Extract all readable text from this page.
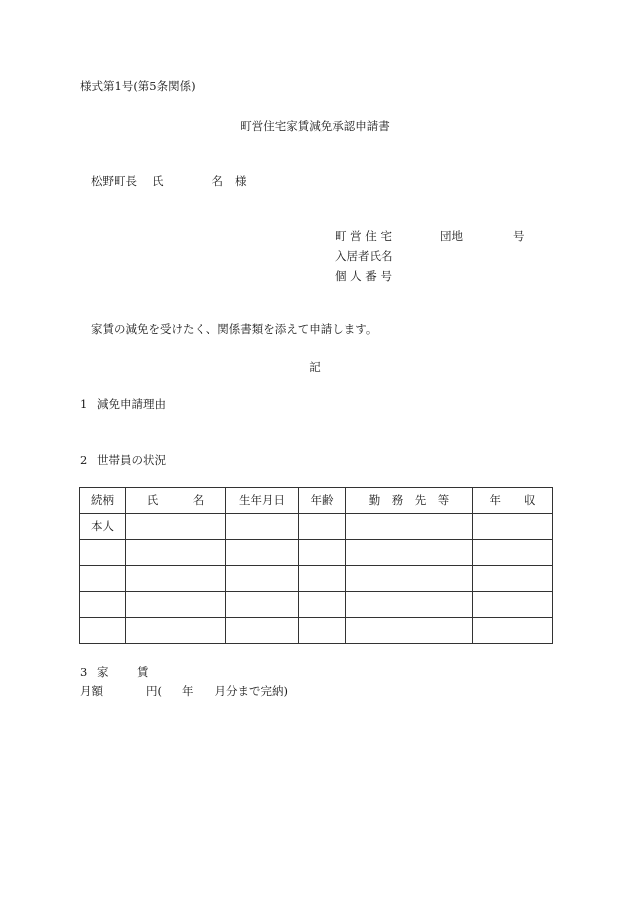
様式第1号(第5条関係)
町営住宅家賃減免承認申請書
松野町長 氏	名 様
町 営 住 宅	団地	号
入居者氏名
個 人 番 号
家賃の減免を受けたく、関係書類を添えて申請します。
記
1 減免申請理由
2 世帯員の状況
続柄	氏　　　名	生年月日	年齢	勤　務　先　等	年　　収
本人					

3 家 賃
月額	円( 年 月分まで完納)
